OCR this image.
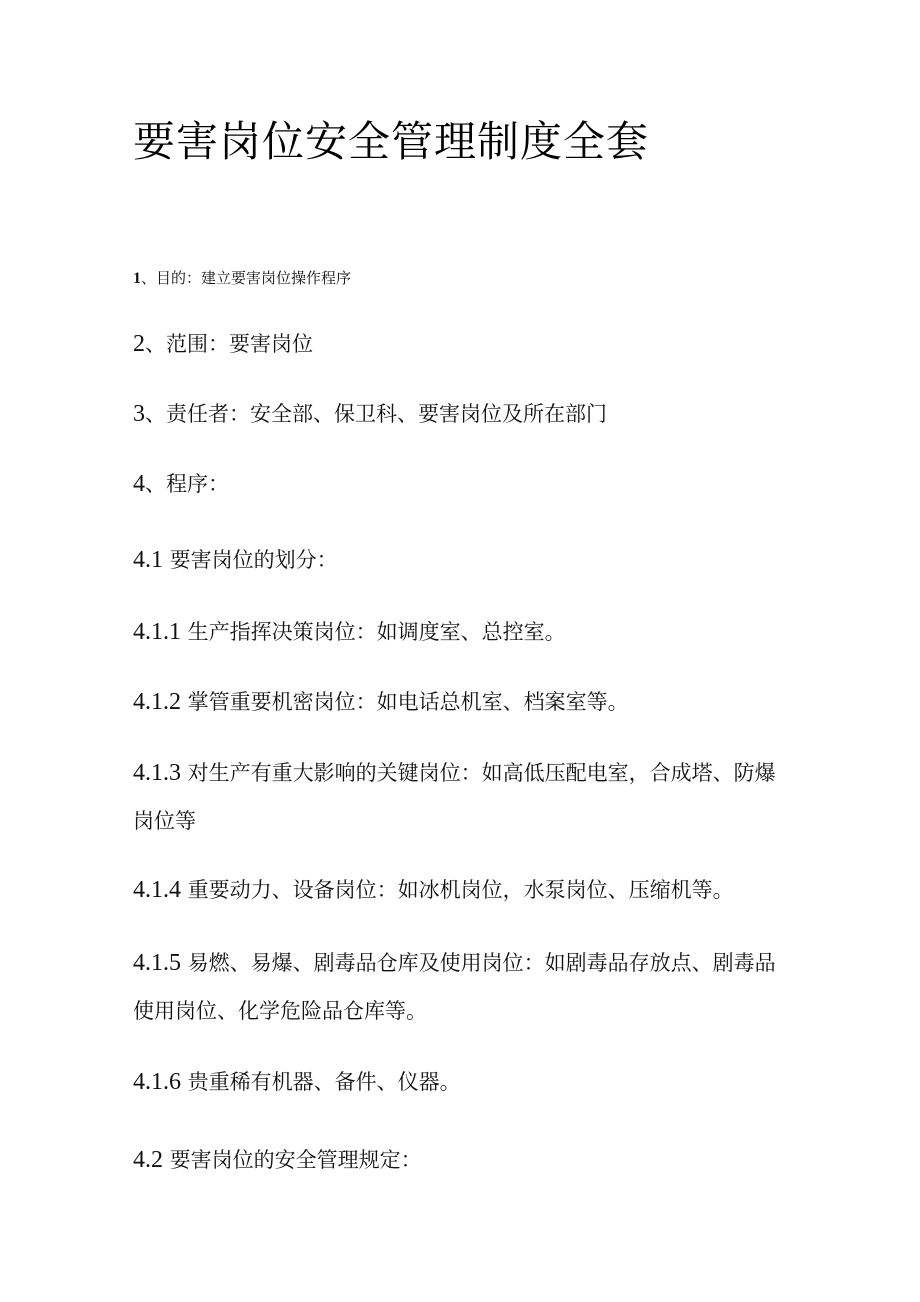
要害岗位安全管理制度全套

1、目的：建立要害岗位操作程序

2、范围：要害岗位

3、责任者：安全部、保卫科、要害岗位及所在部门

4、程序：

4.1 要害岗位的划分：

4.1.1 生产指挥决策岗位：如调度室、总控室。

4.1.2 掌管重要机密岗位：如电话总机室、档案室等。

4.1.3 对生产有重大影响的关键岗位：如高低压配电室，合成塔、防爆岗位等

4.1.4 重要动力、设备岗位：如冰机岗位，水泵岗位、压缩机等。

4.1.5 易燃、易爆、剧毒品仓库及使用岗位：如剧毒品存放点、剧毒品使用岗位、化学危险品仓库等。

4.1.6 贵重稀有机器、备件、仪器。

4.2 要害岗位的安全管理规定：
